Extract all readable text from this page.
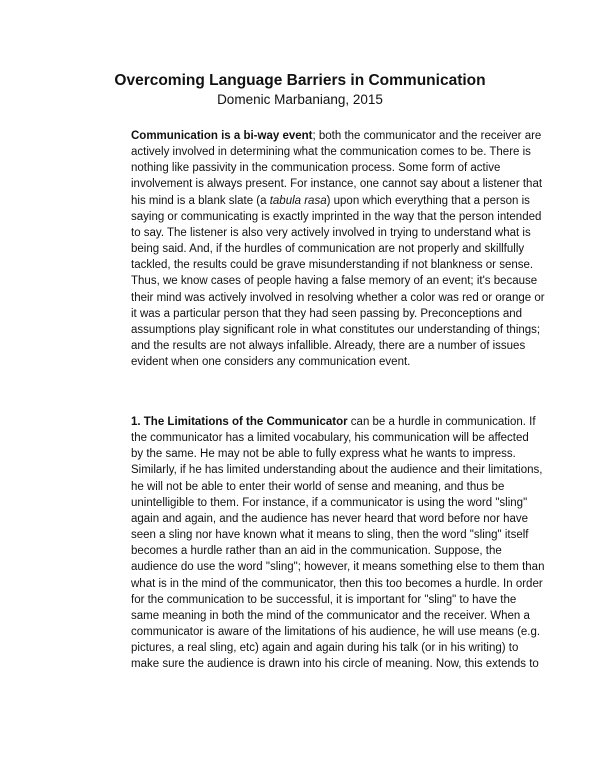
Overcoming Language Barriers in Communication
Domenic Marbaniang, 2015

Communication is a bi-way event; both the communicator and the receiver are
actively involved in determining what the communication comes to be. There is
nothing like passivity in the communication process. Some form of active
involvement is always present. For instance, one cannot say about a listener that
his mind is a blank slate (a tabula rasa) upon which everything that a person is
saying or communicating is exactly imprinted in the way that the person intended
to say. The listener is also very actively involved in trying to understand what is
being said. And, if the hurdles of communication are not properly and skillfully
tackled, the results could be grave misunderstanding if not blankness or sense.
Thus, we know cases of people having a false memory of an event; it's because
their mind was actively involved in resolving whether a color was red or orange or
it was a particular person that they had seen passing by. Preconceptions and
assumptions play significant role in what constitutes our understanding of things;
and the results are not always infallible. Already, there are a number of issues
evident when one considers any communication event.

1. The Limitations of the Communicator can be a hurdle in communication. If
the communicator has a limited vocabulary, his communication will be affected
by the same. He may not be able to fully express what he wants to impress.
Similarly, if he has limited understanding about the audience and their limitations,
he will not be able to enter their world of sense and meaning, and thus be
unintelligible to them. For instance, if a communicator is using the word "sling"
again and again, and the audience has never heard that word before nor have
seen a sling nor have known what it means to sling, then the word "sling" itself
becomes a hurdle rather than an aid in the communication. Suppose, the
audience do use the word "sling"; however, it means something else to them than
what is in the mind of the communicator, then this too becomes a hurdle. In order
for the communication to be successful, it is important for "sling" to have the
same meaning in both the mind of the communicator and the receiver. When a
communicator is aware of the limitations of his audience, he will use means (e.g.
pictures, a real sling, etc) again and again during his talk (or in his writing) to
make sure the audience is drawn into his circle of meaning. Now, this extends to
